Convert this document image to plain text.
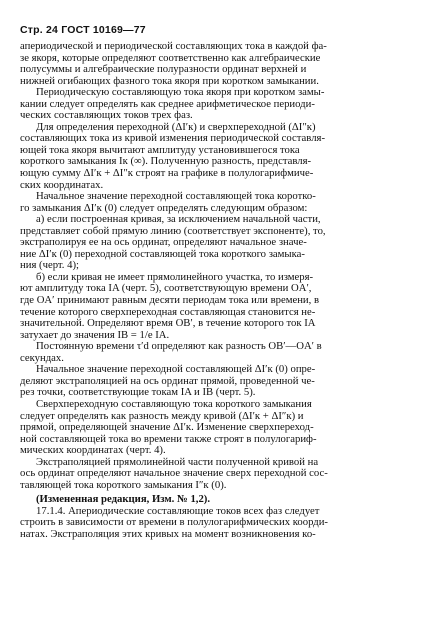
Стр. 24 ГОСТ 10169—77
апериодической и периодической составляющих тока в каждой фа-
зе якоря, которые определяют соответственно как алгебраические
полусуммы и алгебраические полуразности ординат верхней и
нижней огибающих фазного тока якоря при коротком замыкании.
Периодическую составляющую тока якоря при коротком замы-
кании следует определять как среднее арифметическое периоди-
ческих составляющих токов трех фаз.
Для определения переходной (ΔI′к) и сверхпереходной (ΔI″к)
составляющих тока из кривой изменения периодической составля-
ющей тока якоря вычитают амплитуду установившегося тока
короткого замыкания Iк (∞). Полученную разность, представля-
ющую сумму ΔI′к + ΔI″к строят на графике в полулогарифмиче-
ских координатах.
Начальное значение переходной составляющей тока коротко-
го замыкания ΔI′к (0) следует определять следующим образом:
а) если построенная кривая, за исключением начальной части,
представляет собой прямую линию (соответствует экспоненте), то,
экстраполируя ее на ось ординат, определяют начальное значе-
ние ΔI′к (0) переходной составляющей тока короткого замыка-
ния (черт. 4);
б) если кривая не имеет прямолинейного участка, то измеря-
ют амплитуду тока IA (черт. 5), соответствующую времени OA′,
где OA′ принимают равным десяти периодам тока или времени, в
течение которого сверхпереходная составляющая становится не-
значительной. Определяют время OB′, в течение которого ток IA
затухает до значения IB = 1/e IA.
Постоянную времени τ′d определяют как разность OB′—OA′ в
секундах.
Начальное значение переходной составляющей ΔI′к (0) опре-
деляют экстраполяцией на ось ординат прямой, проведенной че-
рез точки, соответствующие токам IA и IB (черт. 5).
Сверхпереходную составляющую тока короткого замыкания
следует определять как разность между кривой (ΔI′к + ΔI″к) и
прямой, определяющей значение ΔI′к. Изменение сверхпереход-
ной составляющей тока во времени также строят в полулогариф-
мических координатах (черт. 4).
Экстраполяцией прямолинейной части полученной кривой на
ось ординат определяют начальное значение сверх переходной сос-
тавляющей тока короткого замыкания I″к (0).
(Измененная редакция, Изм. № 1,2).
17.1.4. Апериодические составляющие токов всех фаз следует
строить в зависимости от времени в полулогарифмических коорди-
натах. Экстраполяция этих кривых на момент возникновения ко-
